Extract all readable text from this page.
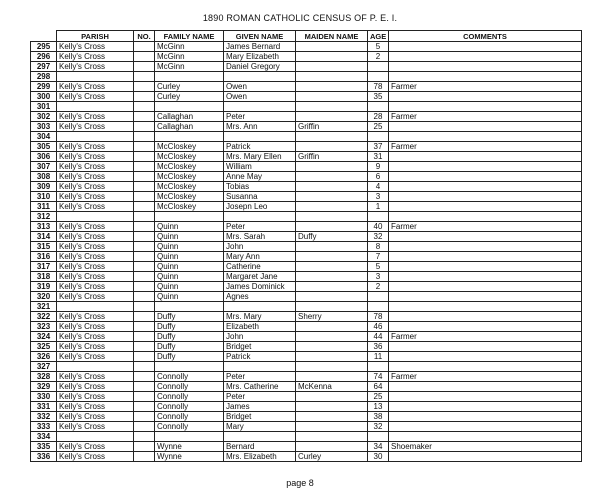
1890 ROMAN CATHOLIC CENSUS OF P. E. I.
	PARISH	NO.	FAMILY NAME	GIVEN NAME	MAIDEN NAME	AGE	COMMENTS
295	Kelly's Cross		McGinn	James Bernard		5	
296	Kelly's Cross		McGinn	Mary Elizabeth		2	
297	Kelly's Cross		McGinn	Daniel Gregory			
298							
299	Kelly's Cross		Curley	Owen		78	Farmer
300	Kelly's Cross		Curley	Owen		35	
301							
302	Kelly's Cross		Callaghan	Peter		28	Farmer
303	Kelly's Cross		Callaghan	Mrs. Ann	Griffin	25	
304							
305	Kelly's Cross		McCloskey	Patrick		37	Farmer
306	Kelly's Cross		McCloskey	Mrs. Mary Ellen	Griffin	31	
307	Kelly's Cross		McCloskey	William		9	
308	Kelly's Cross		McCloskey	Anne May		6	
309	Kelly's Cross		McCloskey	Tobias		4	
310	Kelly's Cross		McCloskey	Susanna		3	
311	Kelly's Cross		McCloskey	Josepn Leo		1	
312							
313	Kelly's Cross		Quinn	Peter		40	Farmer
314	Kelly's Cross		Quinn	Mrs. Sarah	Duffy	32	
315	Kelly's Cross		Quinn	John		8	
316	Kelly's Cross		Quinn	Mary Ann		7	
317	Kelly's Cross		Quinn	Catherine		5	
318	Kelly's Cross		Quinn	Margaret Jane		3	
319	Kelly's Cross		Quinn	James Dominick		2	
320	Kelly's Cross		Quinn	Agnes			
321							
322	Kelly's Cross		Duffy	Mrs. Mary	Sherry	78	
323	Kelly's Cross		Duffy	Elizabeth		46	
324	Kelly's Cross		Duffy	John		44	Farmer
325	Kelly's Cross		Duffy	Bridget		36	
326	Kelly's Cross		Duffy	Patrick		11	
327							
328	Kelly's Cross		Connolly	Peter		74	Farmer
329	Kelly's Cross		Connolly	Mrs. Catherine	McKenna	64	
330	Kelly's Cross		Connolly	Peter		25	
331	Kelly's Cross		Connolly	James		13	
332	Kelly's Cross		Connolly	Bridget		38	
333	Kelly's Cross		Connolly	Mary		32	
334							
335	Kelly's Cross		Wynne	Bernard		34	Shoemaker
336	Kelly's Cross		Wynne	Mrs. Elizabeth	Curley	30	
page 8
